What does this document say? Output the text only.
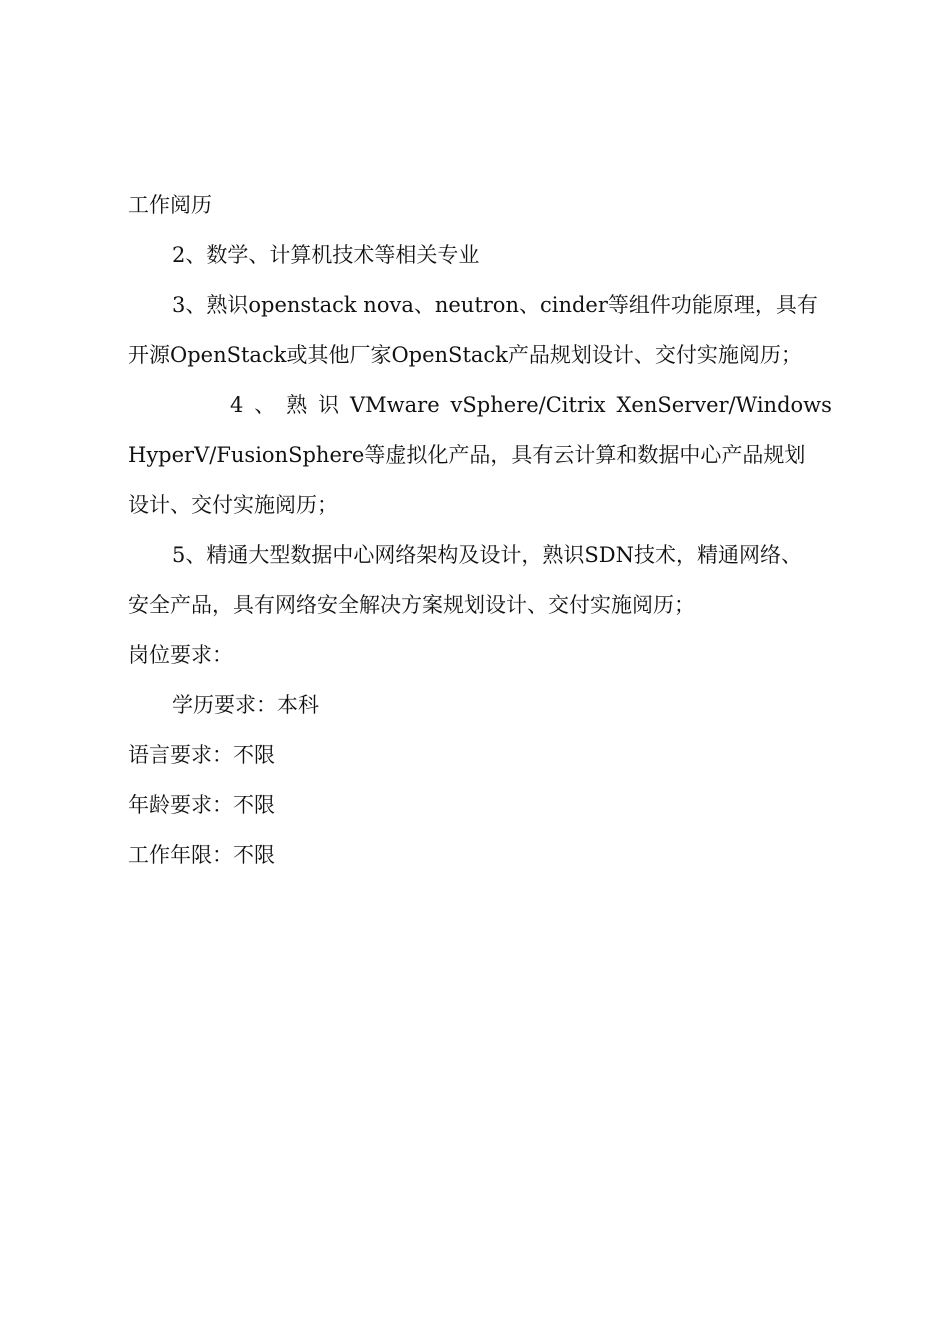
工作阅历
2、数学、计算机技术等相关专业
3、熟识openstack nova、neutron、cinder等组件功能原理，具有
开源OpenStack或其他厂家OpenStack产品规划设计、交付实施阅历；
4 、 熟 识 VMware vSphere/Citrix XenServer/Windows
HyperV/FusionSphere等虚拟化产品，具有云计算和数据中心产品规划
设计、交付实施阅历；
5、精通大型数据中心网络架构及设计，熟识SDN技术，精通网络、
安全产品，具有网络安全解决方案规划设计、交付实施阅历；
岗位要求：
学历要求：本科
语言要求：不限
年龄要求：不限
工作年限：不限
